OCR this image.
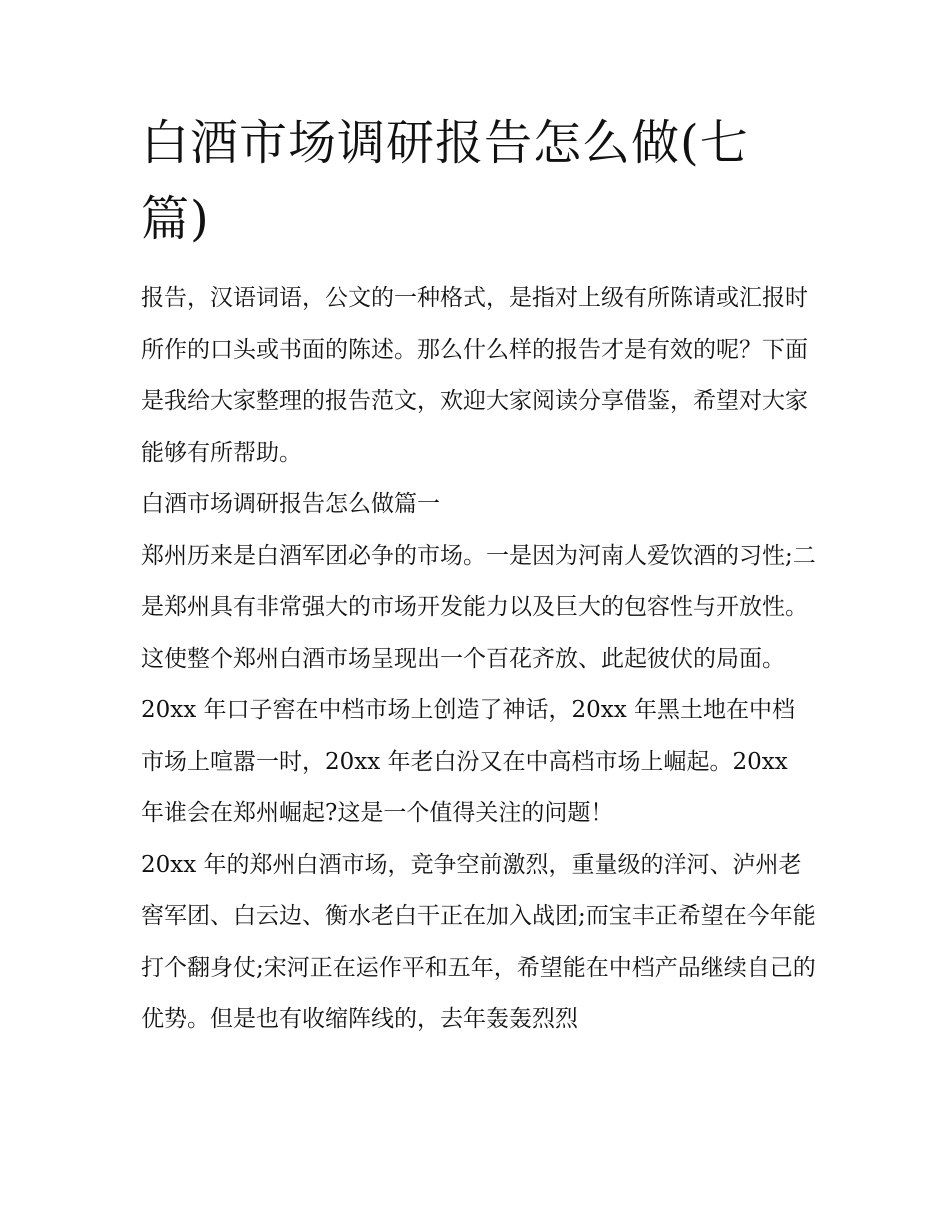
白酒市场调研报告怎么做(七篇)

报告，汉语词语，公文的一种格式，是指对上级有所陈请或汇报时所作的口头或书面的陈述。那么什么样的报告才是有效的呢？下面是我给大家整理的报告范文，欢迎大家阅读分享借鉴，希望对大家能够有所帮助。

白酒市场调研报告怎么做篇一

郑州历来是白酒军团必争的市场。一是因为河南人爱饮酒的习性;二是郑州具有非常强大的市场开发能力以及巨大的包容性与开放性。这使整个郑州白酒市场呈现出一个百花齐放、此起彼伏的局面。20xx 年口子窖在中档市场上创造了神话，20xx 年黑土地在中档市场上喧嚣一时，20xx 年老白汾又在中高档市场上崛起。20xx 年谁会在郑州崛起?这是一个值得关注的问题！

20xx 年的郑州白酒市场，竞争空前激烈，重量级的洋河、泸州老窖军团、白云边、衡水老白干正在加入战团;而宝丰正希望在今年能打个翻身仗;宋河正在运作平和五年，希望能在中档产品继续自己的优势。但是也有收缩阵线的，去年轰轰烈烈
